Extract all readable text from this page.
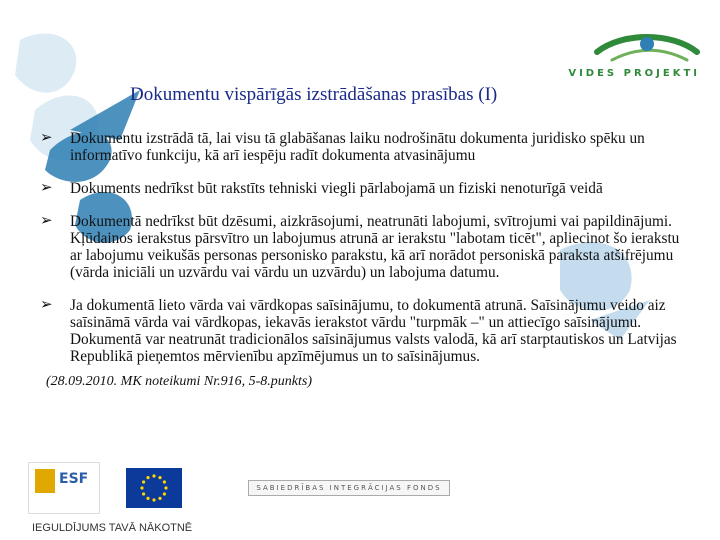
VIDES PROJEKTI
Dokumentu vispārīgās izstrādāšanas prasības (I)
➢ Dokumentu izstrādā tā, lai visu tā glabāšanas laiku nodrošinātu dokumenta juridisko spēku un informatīvo funkciju, kā arī iespēju radīt dokumenta atvasinājumu
➢ Dokuments nedrīkst būt rakstīts tehniski viegli pārlabojamā un fiziski nenoturīgā veidā
➢ Dokumentā nedrīkst būt dzēsumi, aizkrāsojumi, neatrunāti labojumi, svītrojumi vai papildinājumi. Kļūdainos ierakstus pārsvītro un labojumus atrunā ar ierakstu "labotam ticēt", apliecinot šo ierakstu ar labojumu veikušās personas personisko parakstu, kā arī norādot personiskā paraksta atšifrējumu (vārda iniciāli un uzvārdu vai vārdu un uzvārdu) un labojuma datumu.
➢ Ja dokumentā lieto vārda vai vārdkopas saīsinājumu, to dokumentā atrunā. Saīsinājumu veido aiz saīsināmā vārda vai vārdkopas, iekavās ierakstot vārdu "turpmāk –" un attiecīgo saīsinājumu. Dokumentā var neatrunāt tradicionālos saīsinājumus valsts valodā, kā arī starptautiskos un Latvijas Republikā pieņemtos mērvienību apzīmējumus un to saīsinājumus.
(28.09.2010. MK noteikumi Nr.916, 5-8.punkts)
ESF
SABIEDRĪBAS INTEGRĀCIJAS FONDS
IEGULDĪJUMS TAVĀ NĀKOTNĒ
